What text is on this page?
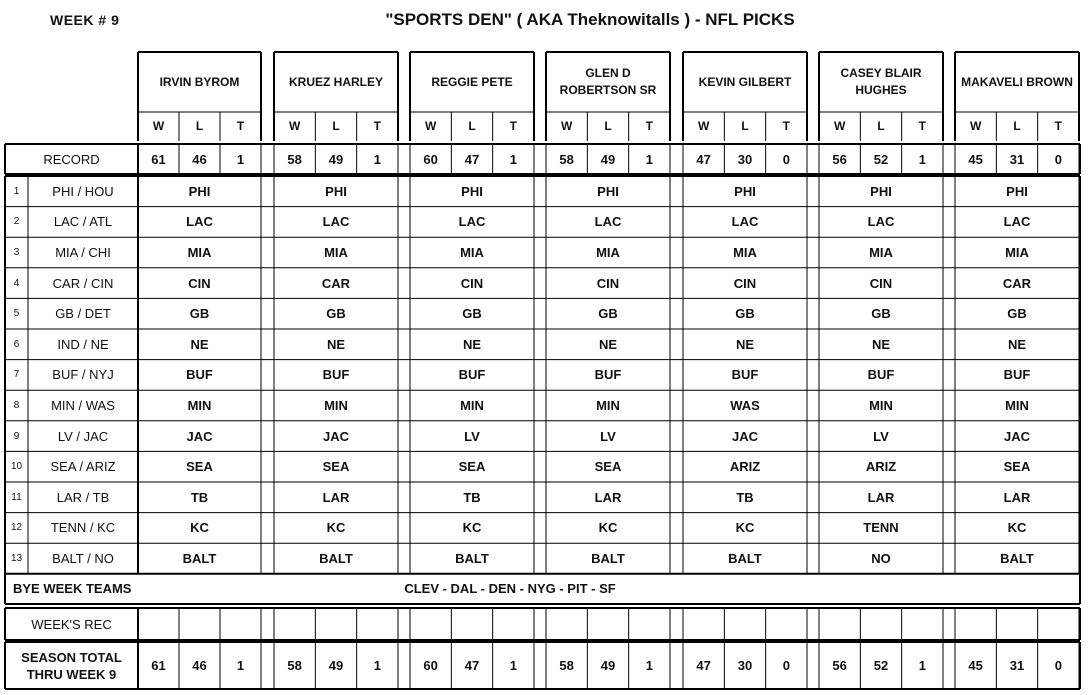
WEEK # 9	"SPORTS DEN" ( AKA Theknowitalls ) - NFL PICKS
IRVIN BYROM
W	L	T
KRUEZ HARLEY
W	L	T
REGGIE PETE
W	L	T
GLEN D ROBERTSON SR
W	L	T
KEVIN GILBERT
W	L	T
CASEY BLAIR HUGHES
W	L	T
MAKAVELI BROWN
W	L	T
RECORD	61	46	1	58	49	1	60	47	1	58	49	1	47	30	0	56	52	1	45	31	0
1	PHI / HOU	PHI	PHI	PHI	PHI	PHI	PHI	PHI
2	LAC / ATL	LAC	LAC	LAC	LAC	LAC	LAC	LAC
3	MIA / CHI	MIA	MIA	MIA	MIA	MIA	MIA	MIA
4	CAR / CIN	CIN	CAR	CIN	CIN	CIN	CIN	CAR
5	GB / DET	GB	GB	GB	GB	GB	GB	GB
6	IND / NE	NE	NE	NE	NE	NE	NE	NE
7	BUF / NYJ	BUF	BUF	BUF	BUF	BUF	BUF	BUF
8	MIN / WAS	MIN	MIN	MIN	MIN	WAS	MIN	MIN
9	LV / JAC	JAC	JAC	LV	LV	JAC	LV	JAC
10	SEA / ARIZ	SEA	SEA	SEA	SEA	ARIZ	ARIZ	SEA
11	LAR / TB	TB	LAR	TB	LAR	TB	LAR	LAR
12	TENN / KC	KC	KC	KC	KC	KC	TENN	KC
13	BALT / NO	BALT	BALT	BALT	BALT	BALT	NO	BALT
BYE WEEK TEAMS	CLEV - DAL - DEN - NYG - PIT - SF
WEEK'S REC
SEASON TOTAL
THRU WEEK 9
61	46	1	58	49	1	60	47	1	58	49	1	47	30	0	56	52	1	45	31	0
